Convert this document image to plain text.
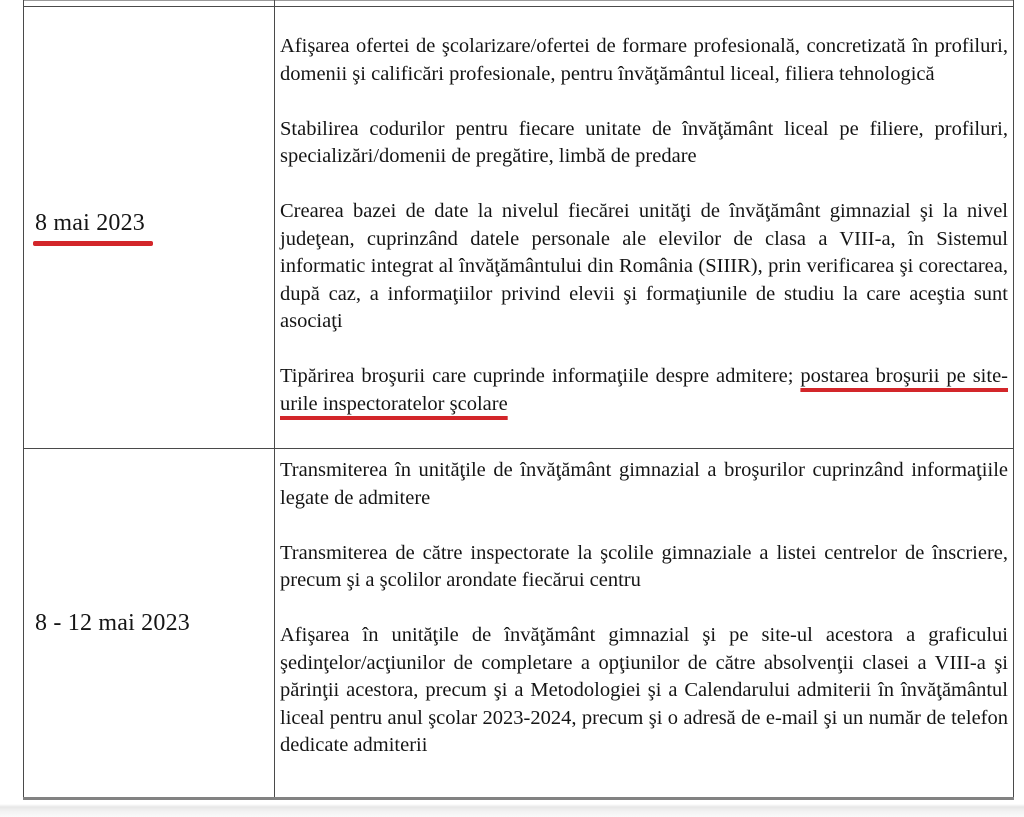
8 mai 2023

Afişarea ofertei de şcolarizare/ofertei de formare profesională, concretizată în profiluri, domenii şi calificări profesionale, pentru învăţământul liceal, filiera tehnologică

Stabilirea codurilor pentru fiecare unitate de învăţământ liceal pe filiere, profiluri, specializări/domenii de pregătire, limbă de predare

Crearea bazei de date la nivelul fiecărei unităţi de învăţământ gimnazial şi la nivel judeţean, cuprinzând datele personale ale elevilor de clasa a VIII-a, în Sistemul informatic integrat al învăţământului din România (SIIIR), prin verificarea şi corectarea, după caz, a informaţiilor privind elevii şi formaţiunile de studiu la care aceştia sunt asociaţi

Tipărirea broşurii care cuprinde informaţiile despre admitere; postarea broşurii pe site-urile inspectoratelor şcolare

8 - 12 mai 2023

Transmiterea în unităţile de învăţământ gimnazial a broşurilor cuprinzând informaţiile legate de admitere

Transmiterea de către inspectorate la şcolile gimnaziale a listei centrelor de înscriere, precum şi a şcolilor arondate fiecărui centru

Afişarea în unităţile de învăţământ gimnazial şi pe site-ul acestora a graficului şedinţelor/acţiunilor de completare a opţiunilor de către absolvenţii clasei a VIII-a şi părinţii acestora, precum şi a Metodologiei şi a Calendarului admiterii în învăţământul liceal pentru anul şcolar 2023-2024, precum şi o adresă de e-mail şi un număr de telefon dedicate admiterii
